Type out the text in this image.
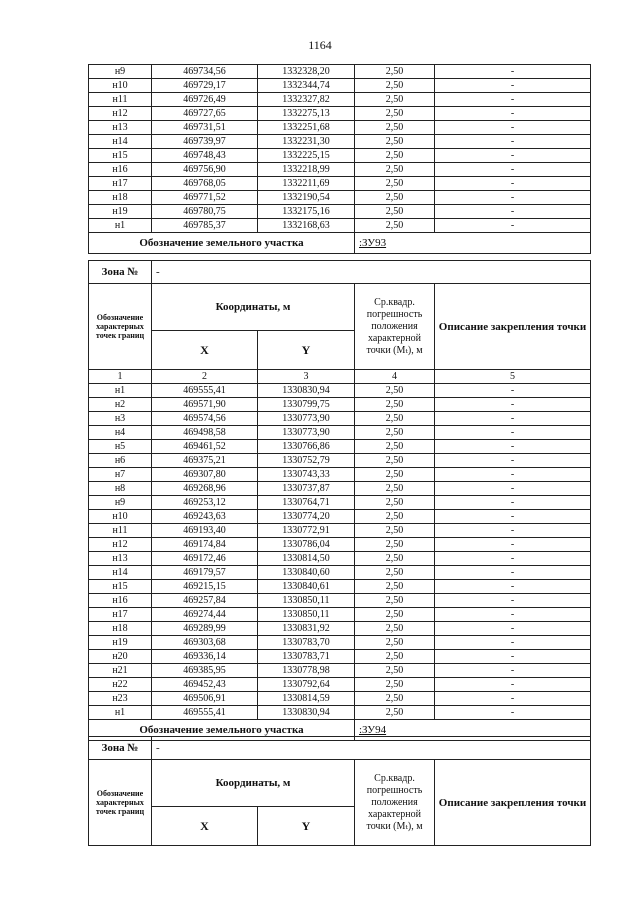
1164
н9	469734,56	1332328,20	2,50	-
н10	469729,17	1332344,74	2,50	-
н11	469726,49	1332327,82	2,50	-
н12	469727,65	1332275,13	2,50	-
н13	469731,51	1332251,68	2,50	-
н14	469739,97	1332231,30	2,50	-
н15	469748,43	1332225,15	2,50	-
н16	469756,90	1332218,99	2,50	-
н17	469768,05	1332211,69	2,50	-
н18	469771,52	1332190,54	2,50	-
н19	469780,75	1332175,16	2,50	-
н1	469785,37	1332168,63	2,50	-
Обозначение земельного участка			:ЗУ93	
Зона №	-			
Обозначение характерных точек границ	Координаты, м		Ср.квадр. погрешность положения характерной точки (Mₜ), м	Описание закрепления точки
	X	Y		
1	2	3	4	5
н1	469555,41	1330830,94	2,50	-
н2	469571,90	1330799,75	2,50	-
н3	469574,56	1330773,90	2,50	-
н4	469498,58	1330773,90	2,50	-
н5	469461,52	1330766,86	2,50	-
н6	469375,21	1330752,79	2,50	-
н7	469307,80	1330743,33	2,50	-
н8	469268,96	1330737,87	2,50	-
н9	469253,12	1330764,71	2,50	-
н10	469243,63	1330774,20	2,50	-
н11	469193,40	1330772,91	2,50	-
н12	469174,84	1330786,04	2,50	-
н13	469172,46	1330814,50	2,50	-
н14	469179,57	1330840,60	2,50	-
н15	469215,15	1330840,61	2,50	-
н16	469257,84	1330850,11	2,50	-
н17	469274,44	1330850,11	2,50	-
н18	469289,99	1330831,92	2,50	-
н19	469303,68	1330783,70	2,50	-
н20	469336,14	1330783,71	2,50	-
н21	469385,95	1330778,98	2,50	-
н22	469452,43	1330792,64	2,50	-
н23	469506,91	1330814,59	2,50	-
н1	469555,41	1330830,94	2,50	-
Обозначение земельного участка			:ЗУ94	
Зона №	-			
Обозначение характерных точек границ	Координаты, м		Ср.квадр. погрешность положения характерной точки (Mₜ), м	Описание закрепления точки
	X	Y		
